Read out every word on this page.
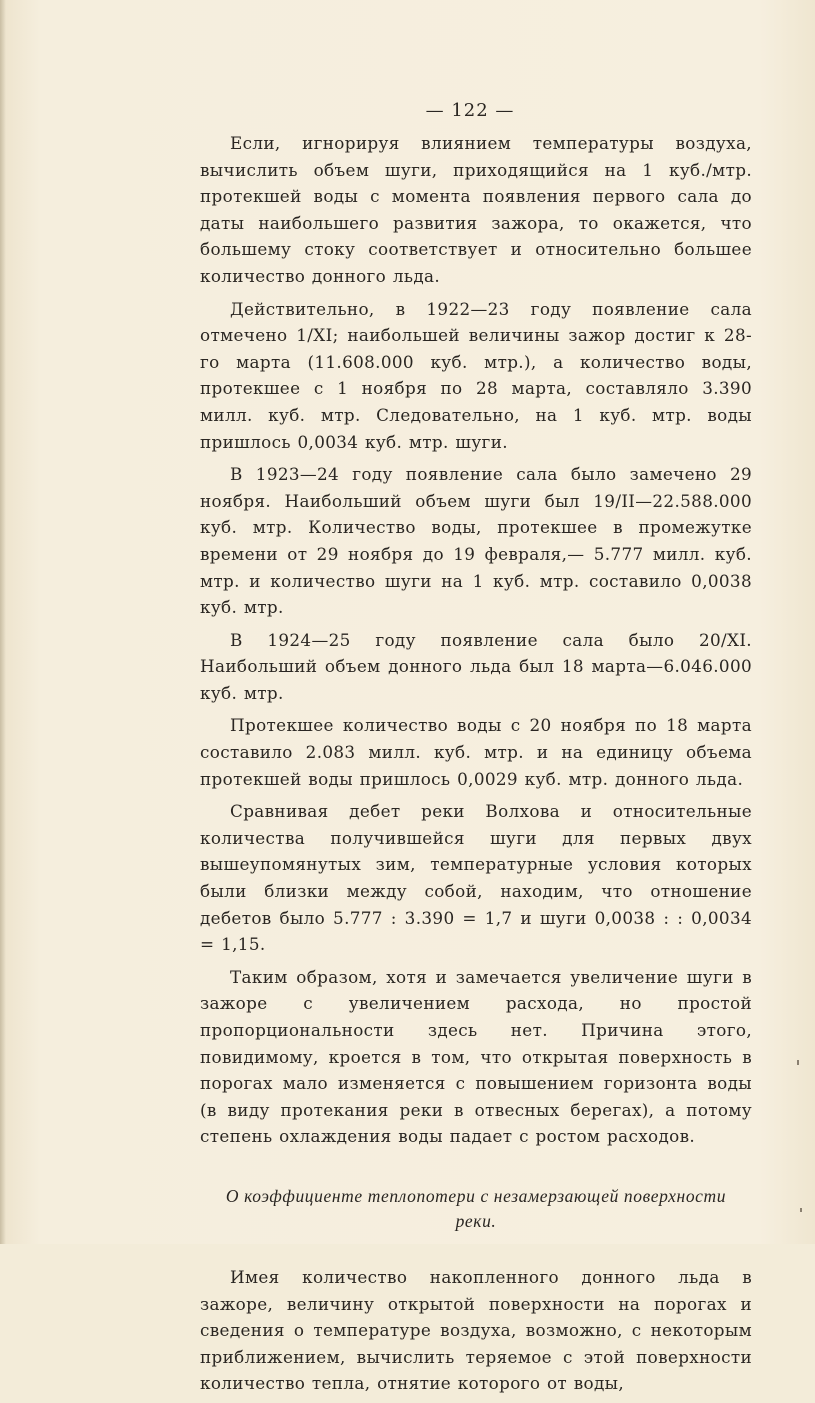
— 122 —

Если, игнорируя влиянием температуры воздуха, вычислить объем шуги, приходящийся на 1 куб./мтр. протекшей воды с момента появления первого сала до даты наибольшего развития зажора, то окажется, что большему стоку соответствует и относительно большее количество донного льда.

Действительно, в 1922—23 году появление сала отмечено 1/XI; наибольшей величины зажор достиг к 28-го марта (11.608.000 куб. мтр.), а количество воды, протекшее с 1 ноября по 28 марта, составляло 3.390 милл. куб. мтр. Следовательно, на 1 куб. мтр. воды пришлось 0,0034 куб. мтр. шуги.

В 1923—24 году появление сала было замечено 29 ноября. Наибольший объем шуги был 19/II—22.588.000 куб. мтр. Количество воды, протекшее в промежутке времени от 29 ноября до 19 февраля,— 5.777 милл. куб. мтр. и количество шуги на 1 куб. мтр. составило 0,0038 куб. мтр.

В 1924—25 году появление сала было 20/XI. Наибольший объем донного льда был 18 марта—6.046.000 куб. мтр.

Протекшее количество воды с 20 ноября по 18 марта составило 2.083 милл. куб. мтр. и на единицу объема протекшей воды пришлось 0,0029 куб. мтр. донного льда.

Сравнивая дебет реки Волхова и относительные количества получившейся шуги для первых двух вышеупомянутых зим, температурные условия которых были близки между собой, находим, что отношение дебетов было 5.777 : 3.390 = 1,7 и шуги 0,0038 : : 0,0034 = 1,15.

Таким образом, хотя и замечается увеличение шуги в зажоре с увеличением расхода, но простой пропорциональности здесь нет. Причина этого, повидимому, кроется в том, что открытая поверхность в порогах мало изменяется с повышением горизонта воды (в виду протекания реки в отвесных берегах), а потому степень охлаждения воды падает с ростом расходов.

О коэффициенте теплопотери с незамерзающей поверхности реки.

Имея количество накопленного донного льда в зажоре, величину открытой поверхности на порогах и сведения о температуре воздуха, возможно, с некоторым приближением, вычислить теряемое с этой поверхности количество тепла, отнятие которого от воды,
